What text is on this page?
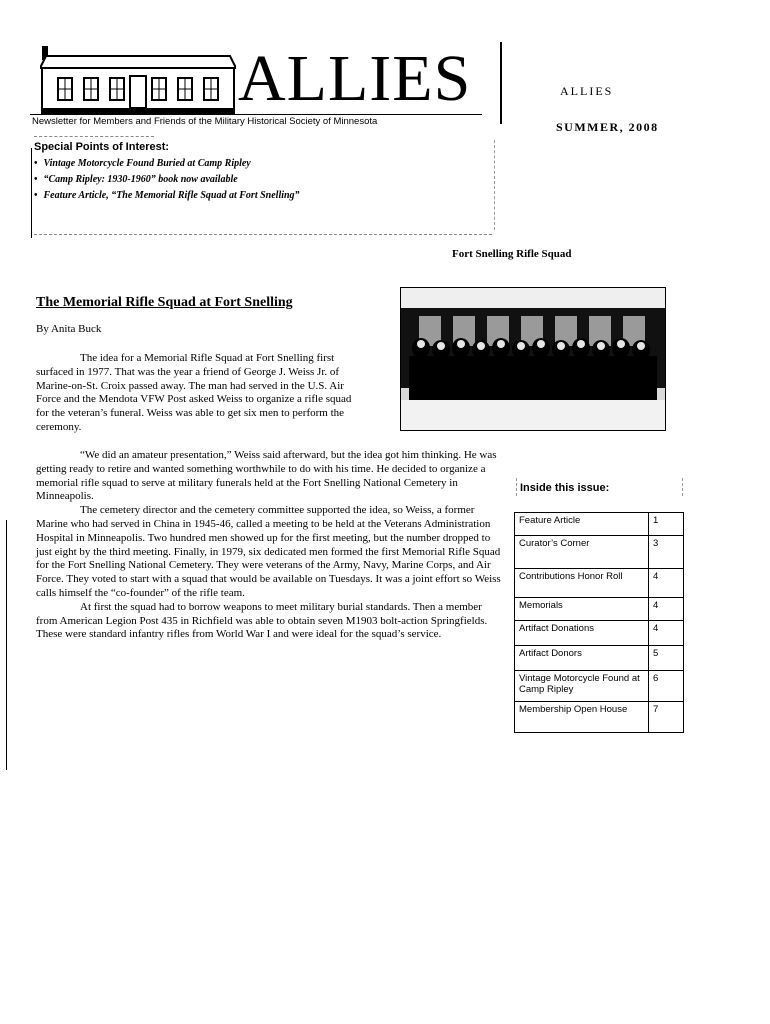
ALLIES
Newsletter for Members and Friends of the Military Historical Society of Minnesota
ALLIES
SUMMER, 2008
Special Points of Interest:
• Vintage Motorcycle Found Buried at Camp Ripley
• “Camp Ripley: 1930-1960” book now available
• Feature Article, “The Memorial Rifle Squad at Fort Snelling”
Fort Snelling Rifle Squad
The Memorial Rifle Squad at Fort Snelling
By Anita Buck

The idea for a Memorial Rifle Squad at Fort Snelling first surfaced in 1977. That was the year a friend of George J. Weiss Jr. of Marine-on-St. Croix passed away. The man had served in the U.S. Air Force and the Mendota VFW Post asked Weiss to organize a rifle squad for the veteran’s funeral. Weiss was able to get six men to perform the ceremony.

“We did an amateur presentation,” Weiss said afterward, but the idea got him thinking. He was getting ready to retire and wanted something worthwhile to do with his time. He decided to organize a memorial rifle squad to serve at military funerals held at the Fort Snelling National Cemetery in Minneapolis.

The cemetery director and the cemetery committee supported the idea, so Weiss, a former Marine who had served in China in 1945-46, called a meeting to be held at the Veterans Administration Hospital in Minneapolis. Two hundred men showed up for the first meeting, but the number dropped to just eight by the third meeting. Finally, in 1979, six dedicated men formed the first Memorial Rifle Squad for the Fort Snelling National Cemetery. They were veterans of the Army, Navy, Marine Corps, and Air Force. They voted to start with a squad that would be available on Tuesdays. It was a joint effort so Weiss calls himself the “co-founder” of the rifle team.

At first the squad had to borrow weapons to meet military burial standards. Then a member from American Legion Post 435 in Richfield was able to obtain seven M1903 bolt-action Springfields. These were standard infantry rifles from World War I and were ideal for the squad’s service.

Inside this issue:
Feature Article	1
Curator’s Corner	3
Contributions Honor Roll	4
Memorials	4
Artifact Donations	4
Artifact Donors	5
Vintage Motorcycle Found at Camp Ripley	6
Membership Open House	7
